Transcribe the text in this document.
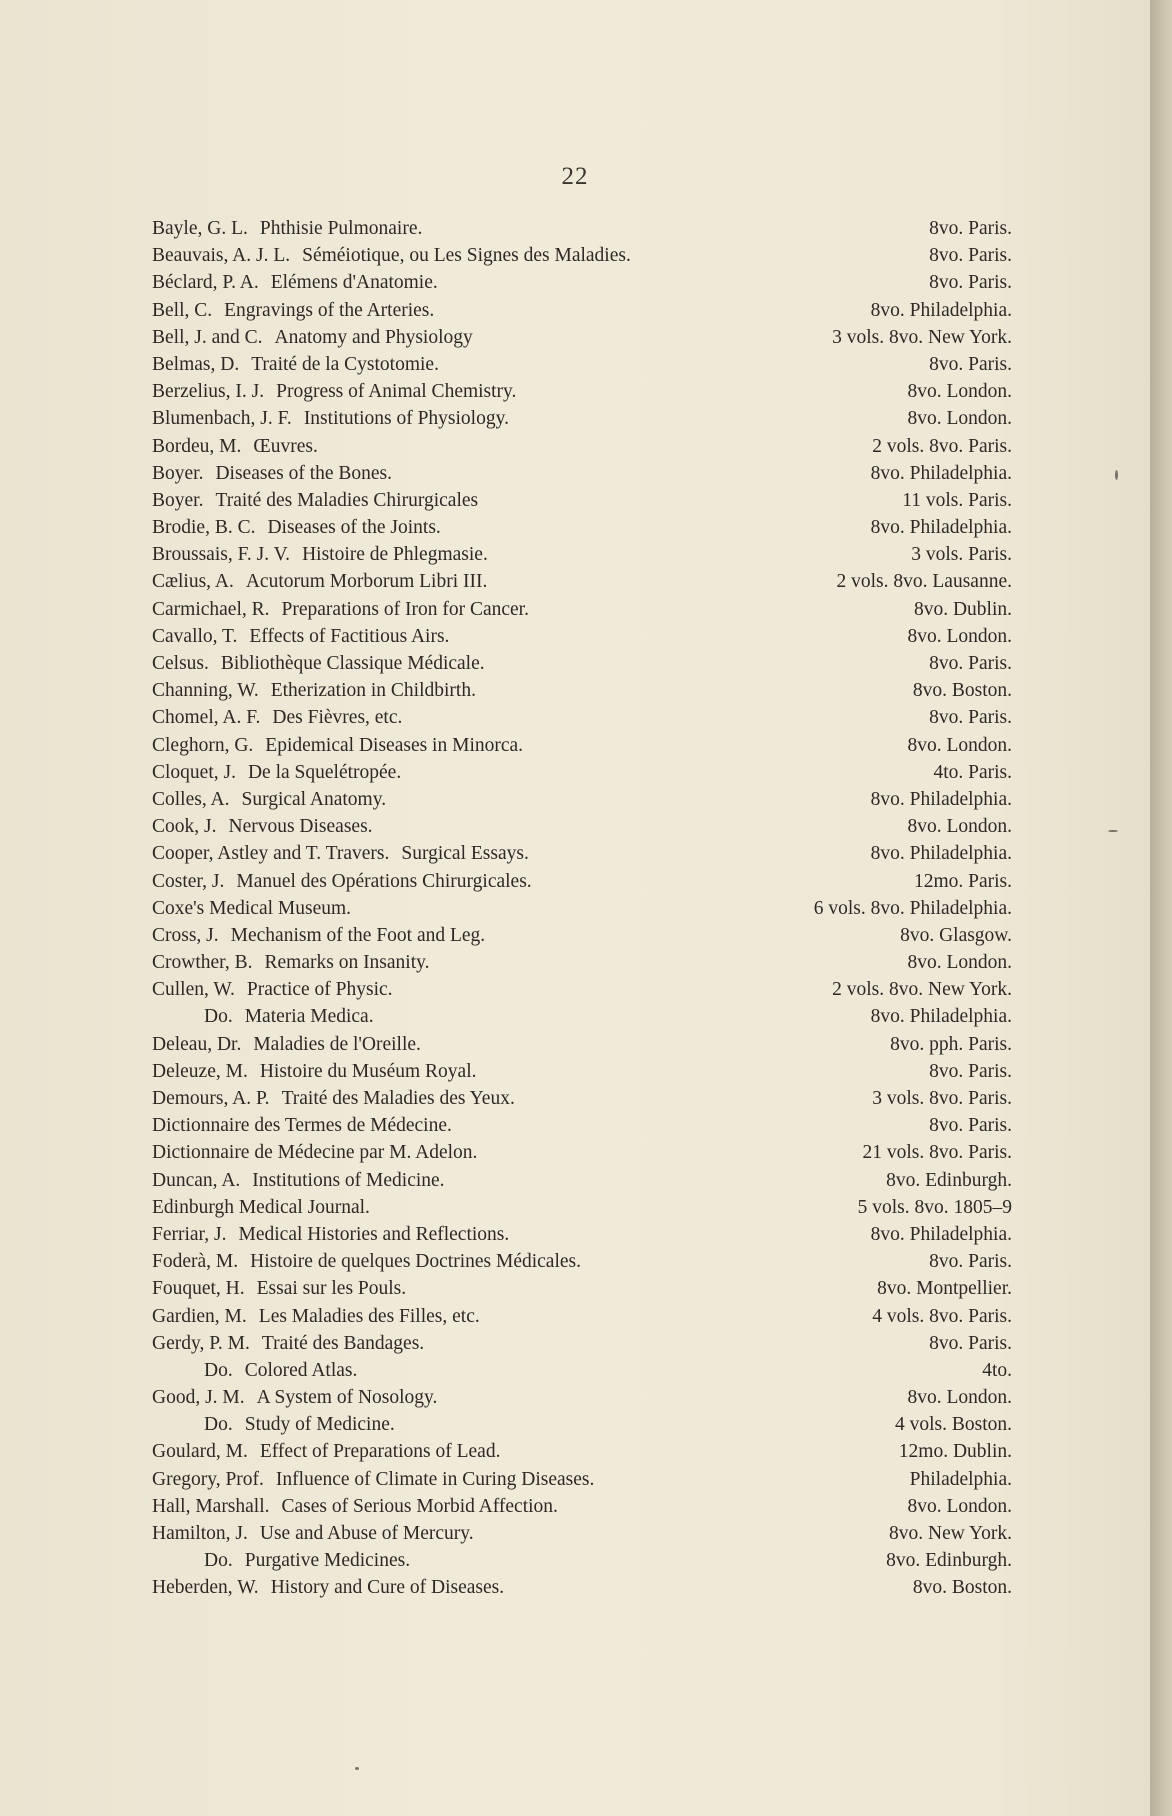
22
Bayle, G. L. Phthisie Pulmonaire.	8vo. Paris.
Beauvais, A. J. L. Séméiotique, ou Les Signes des Maladies.	8vo. Paris.
Béclard, P. A. Elémens d'Anatomie.	8vo. Paris.
Bell, C. Engravings of the Arteries.	8vo. Philadelphia.
Bell, J. and C. Anatomy and Physiology	3 vols. 8vo. New York.
Belmas, D. Traité de la Cystotomie.	8vo. Paris.
Berzelius, I. J. Progress of Animal Chemistry.	8vo. London.
Blumenbach, J. F. Institutions of Physiology.	8vo. London.
Bordeu, M. Œuvres.	2 vols. 8vo. Paris.
Boyer. Diseases of the Bones.	8vo. Philadelphia.
Boyer. Traité des Maladies Chirurgicales	11 vols. Paris.
Brodie, B. C. Diseases of the Joints.	8vo. Philadelphia.
Broussais, F. J. V. Histoire de Phlegmasie.	3 vols. Paris.
Cælius, A. Acutorum Morborum Libri III.	2 vols. 8vo. Lausanne.
Carmichael, R. Preparations of Iron for Cancer.	8vo. Dublin.
Cavallo, T. Effects of Factitious Airs.	8vo. London.
Celsus. Bibliothèque Classique Médicale.	8vo. Paris.
Channing, W. Etherization in Childbirth.	8vo. Boston.
Chomel, A. F. Des Fièvres, etc.	8vo. Paris.
Cleghorn, G. Epidemical Diseases in Minorca.	8vo. London.
Cloquet, J. De la Squelétropée.	4to. Paris.
Colles, A. Surgical Anatomy.	8vo. Philadelphia.
Cook, J. Nervous Diseases.	8vo. London.
Cooper, Astley and T. Travers. Surgical Essays.	8vo. Philadelphia.
Coster, J. Manuel des Opérations Chirurgicales.	12mo. Paris.
Coxe's Medical Museum.	6 vols. 8vo. Philadelphia.
Cross, J. Mechanism of the Foot and Leg.	8vo. Glasgow.
Crowther, B. Remarks on Insanity.	8vo. London.
Cullen, W. Practice of Physic.	2 vols. 8vo. New York.
Do. Materia Medica.	8vo. Philadelphia.
Deleau, Dr. Maladies de l'Oreille.	8vo. pph. Paris.
Deleuze, M. Histoire du Muséum Royal.	8vo. Paris.
Demours, A. P. Traité des Maladies des Yeux.	3 vols. 8vo. Paris.
Dictionnaire des Termes de Médecine.	8vo. Paris.
Dictionnaire de Médecine par M. Adelon.	21 vols. 8vo. Paris.
Duncan, A. Institutions of Medicine.	8vo. Edinburgh.
Edinburgh Medical Journal.	5 vols. 8vo. 1805–9
Ferriar, J. Medical Histories and Reflections.	8vo. Philadelphia.
Foderà, M. Histoire de quelques Doctrines Médicales.	8vo. Paris.
Fouquet, H. Essai sur les Pouls.	8vo. Montpellier.
Gardien, M. Les Maladies des Filles, etc.	4 vols. 8vo. Paris.
Gerdy, P. M. Traité des Bandages.	8vo. Paris.
Do. Colored Atlas.	4to.
Good, J. M. A System of Nosology.	8vo. London.
Do. Study of Medicine.	4 vols. Boston.
Goulard, M. Effect of Preparations of Lead.	12mo. Dublin.
Gregory, Prof. Influence of Climate in Curing Diseases.	Philadelphia.
Hall, Marshall. Cases of Serious Morbid Affection.	8vo. London.
Hamilton, J. Use and Abuse of Mercury.	8vo. New York.
Do. Purgative Medicines.	8vo. Edinburgh.
Heberden, W. History and Cure of Diseases.	8vo. Boston.
